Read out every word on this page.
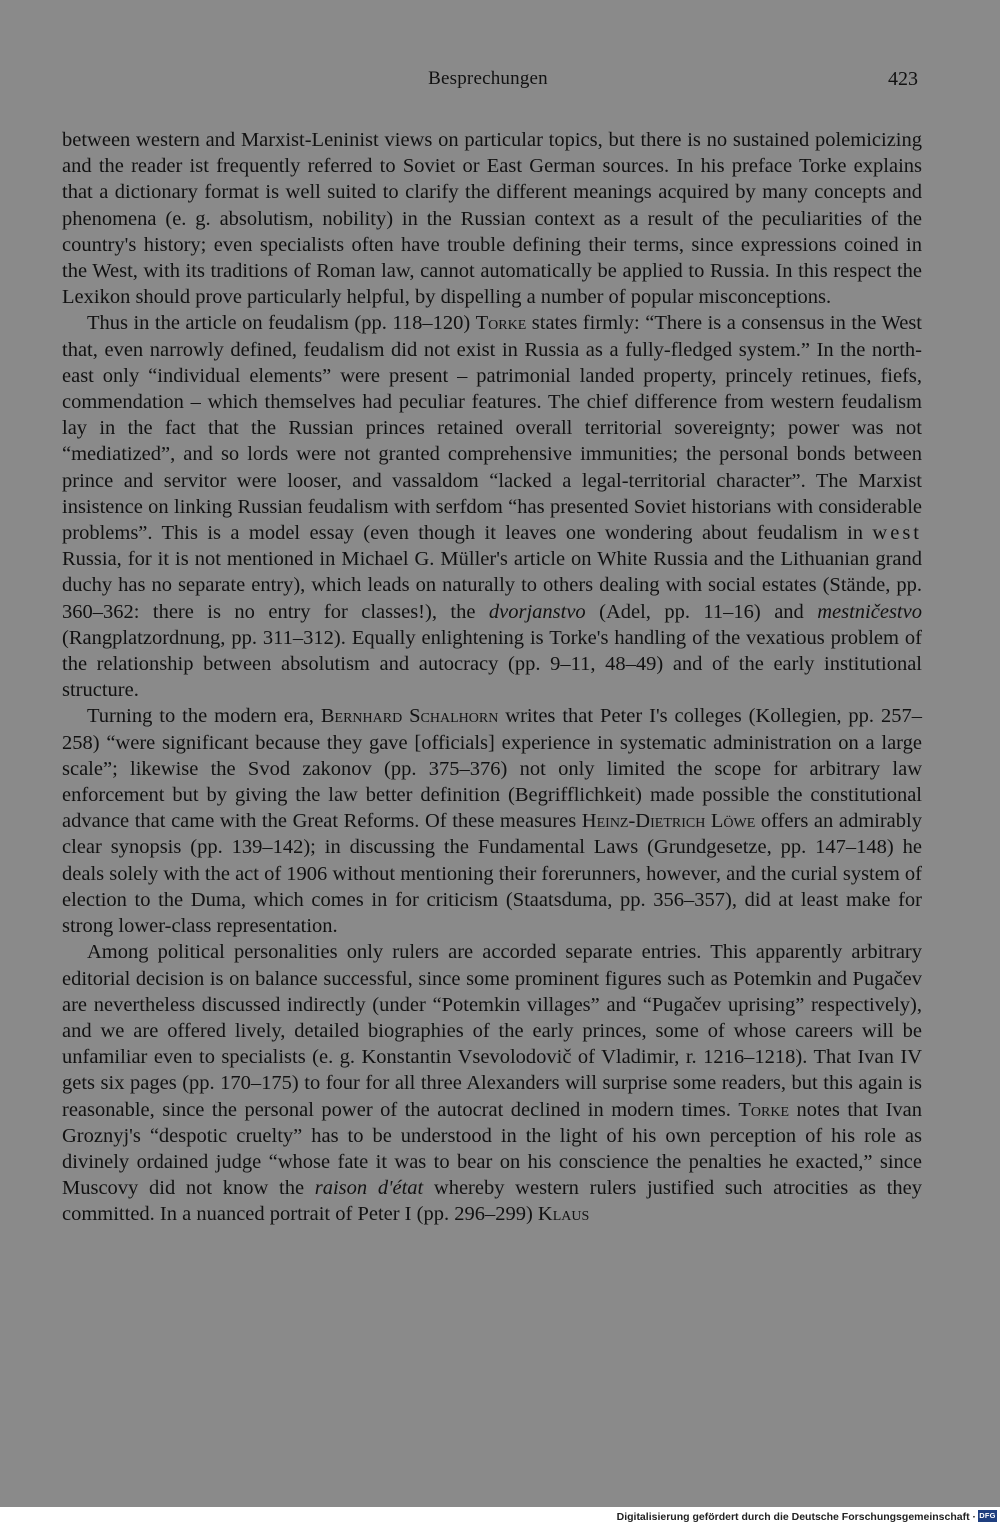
Besprechungen	423

between western and Marxist-Leninist views on particular topics, but there is no sustained polemicizing and the reader ist frequently referred to Soviet or East German sources. In his preface Torke explains that a dictionary format is well suited to clarify the different meanings acquired by many concepts and phenomena (e. g. absolutism, nobility) in the Russian context as a result of the peculiarities of the country's history; even specialists often have trouble defining their terms, since expressions coined in the West, with its traditions of Roman law, cannot automatically be applied to Russia. In this respect the Lexikon should prove particularly helpful, by dispelling a number of popular misconceptions.

Thus in the article on feudalism (pp. 118–120) Torke states firmly: “There is a consensus in the West that, even narrowly defined, feudalism did not exist in Russia as a fully-fledged system.” In the north-east only “individual elements” were present – patrimonial landed property, princely retinues, fiefs, commendation – which themselves had peculiar features. The chief difference from western feudalism lay in the fact that the Russian princes retained overall territorial sovereignty; power was not “mediatized”, and so lords were not granted comprehensive immunities; the personal bonds between prince and servitor were looser, and vassaldom “lacked a legal-territorial character”. The Marxist insistence on linking Russian feudalism with serfdom “has presented Soviet historians with considerable problems”. This is a model essay (even though it leaves one wondering about feudalism in west Russia, for it is not mentioned in Michael G. Müller's article on White Russia and the Lithuanian grand duchy has no separate entry), which leads on naturally to others dealing with social estates (Stände, pp. 360–362: there is no entry for classes!), the dvorjanstvo (Adel, pp. 11–16) and mestničestvo (Rangplatzordnung, pp. 311–312). Equally enlightening is Torke's handling of the vexatious problem of the relationship between absolutism and autocracy (pp. 9–11, 48–49) and of the early institutional structure.

Turning to the modern era, Bernhard Schalhorn writes that Peter I's colleges (Kollegien, pp. 257–258) “were significant because they gave [officials] experience in systematic administration on a large scale”; likewise the Svod zakonov (pp. 375–376) not only limited the scope for arbitrary law enforcement but by giving the law better definition (Begrifflichkeit) made possible the constitutional advance that came with the Great Reforms. Of these measures Heinz-Dietrich Löwe offers an admirably clear synopsis (pp. 139–142); in discussing the Fundamental Laws (Grundgesetze, pp. 147–148) he deals solely with the act of 1906 without mentioning their forerunners, however, and the curial system of election to the Duma, which comes in for criticism (Staatsduma, pp. 356–357), did at least make for strong lower-class representation.

Among political personalities only rulers are accorded separate entries. This apparently arbitrary editorial decision is on balance successful, since some prominent figures such as Potemkin and Pugačev are nevertheless discussed indirectly (under “Potemkin villages” and “Pugačev uprising” respectively), and we are offered lively, detailed biographies of the early princes, some of whose careers will be unfamiliar even to specialists (e. g. Konstantin Vsevolodovič of Vladimir, r. 1216–1218). That Ivan IV gets six pages (pp. 170–175) to four for all three Alexanders will surprise some readers, but this again is reasonable, since the personal power of the autocrat declined in modern times. Torke notes that Ivan Groznyj's “despotic cruelty” has to be understood in the light of his own perception of his role as divinely ordained judge “whose fate it was to bear on his conscience the penalties he exacted,” since Muscovy did not know the raison d'état whereby western rulers justified such atrocities as they committed. In a nuanced portrait of Peter I (pp. 296–299) Klaus

Digitalisierung gefördert durch die Deutsche Forschungsgemeinschaft · DFG
